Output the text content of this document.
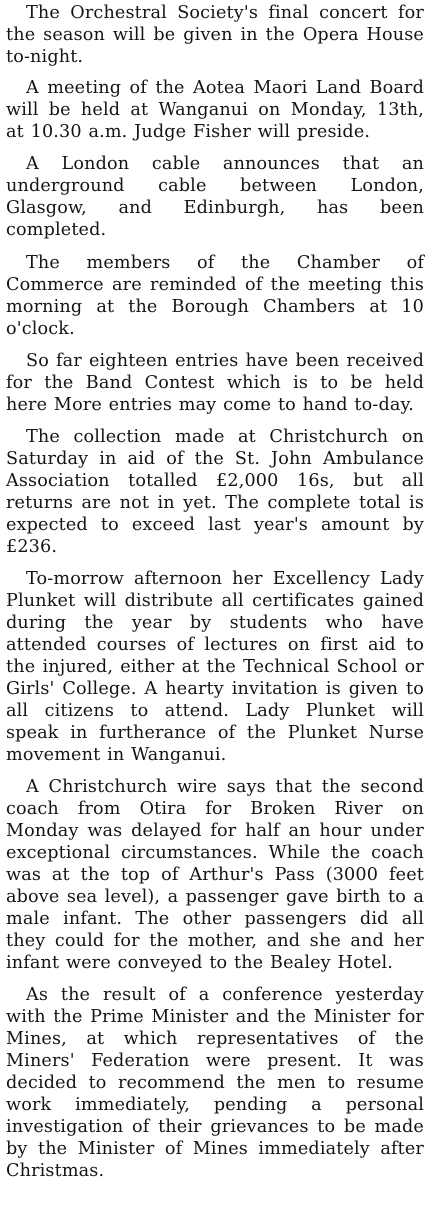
The Orchestral Society's final concert for the season will be given in the Opera House to-night.

A meeting of the Aotea Maori Land Board will be held at Wanganui on Monday, 13th, at 10.30 a.m. Judge Fisher will preside.

A London cable announces that an underground cable between London, Glasgow, and Edinburgh, has been completed.

The members of the Chamber of Commerce are reminded of the meeting this morning at the Borough Chambers at 10 o'clock.

So far eighteen entries have been received for the Band Contest which is to be held here More entries may come to hand to-day.

The collection made at Christchurch on Saturday in aid of the St. John Ambulance Association totalled £2,000 16s, but all returns are not in yet. The complete total is expected to exceed last year's amount by £236.

To-morrow afternoon her Excellency Lady Plunket will distribute all certificates gained during the year by students who have attended courses of lectures on first aid to the injured, either at the Technical School or Girls' College. A hearty invitation is given to all citizens to attend. Lady Plunket will speak in furtherance of the Plunket Nurse movement in Wanganui.

A Christchurch wire says that the second coach from Otira for Broken River on Monday was delayed for half an hour under exceptional circumstances. While the coach was at the top of Arthur's Pass (3000 feet above sea level), a passenger gave birth to a male infant. The other passengers did all they could for the mother, and she and her infant were conveyed to the Bealey Hotel.

As the result of a conference yesterday with the Prime Minister and the Minister for Mines, at which representatives of the Miners' Federation were present. It was decided to recommend the men to resume work immediately, pending a personal investigation of their grievances to be made by the Minister of Mines immediately after Christmas.
